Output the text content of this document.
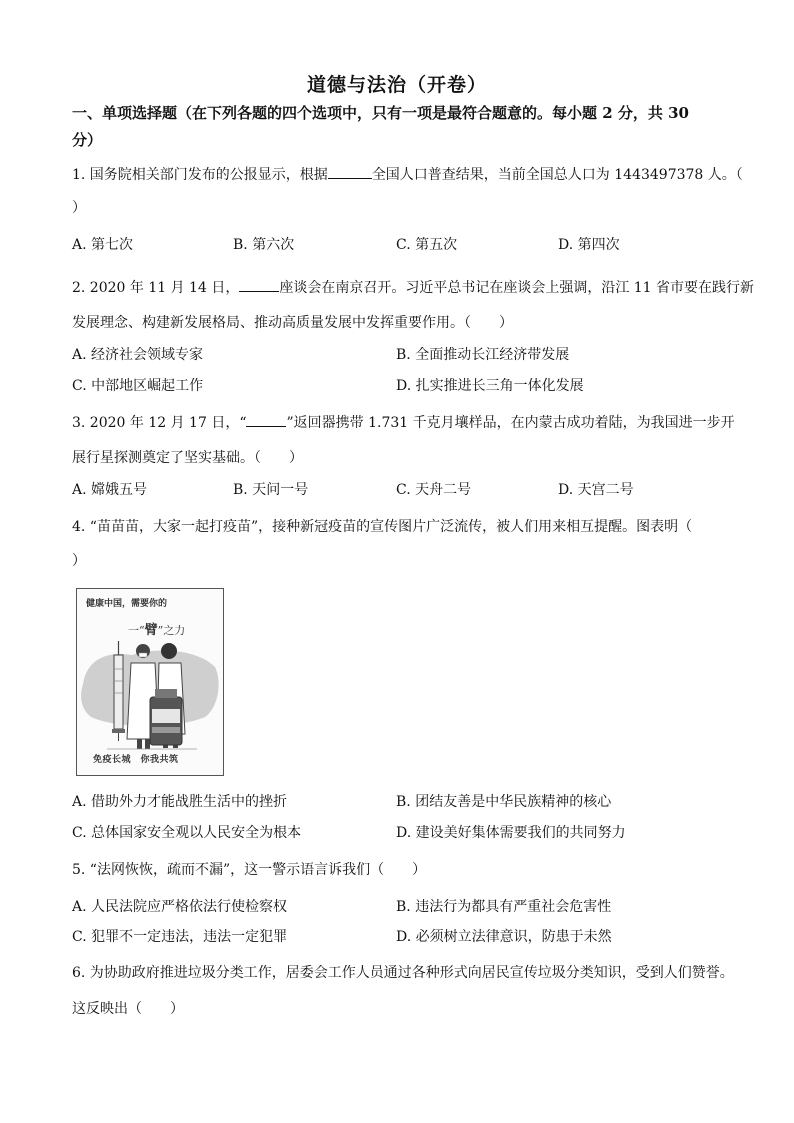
道德与法治（开卷）
一、单项选择题（在下列各题的四个选项中，只有一项是最符合题意的。每小题 2 分，共 30
分）
1. 国务院相关部门发布的公报显示，根据	全国人口普查结果，当前全国总人口为 1443497378 人。（
）
A. 第七次	B. 第六次	C. 第五次	D. 第四次
2. 2020 年 11 月 14 日，	座谈会在南京召开。习近平总书记在座谈会上强调，沿江 11 省市要在践行新
发展理念、构建新发展格局、推动高质量发展中发挥重要作用。（　　）
A. 经济社会领域专家	B. 全面推动长江经济带发展
C. 中部地区崛起工作	D. 扎实推进长三角一体化发展
3. 2020 年 12 月 17 日，“	”返回器携带 1.731 千克月壤样品，在内蒙古成功着陆，为我国进一步开
展行星探测奠定了坚实基础。（　　）
A. 嫦娥五号	B. 天问一号	C. 天舟二号	D. 天宫二号
4. “苗苗苗，大家一起打疫苗”，接种新冠疫苗的宣传图片广泛流传，被人们用来相互提醒。图表明（
）
健康中国，需要你的
一“臂”之力
免疫长城　你我共筑
A. 借助外力才能战胜生活中的挫折	B. 团结友善是中华民族精神的核心
C. 总体国家安全观以人民安全为根本	D. 建设美好集体需要我们的共同努力
5. “法网恢恢，疏而不漏”，这一警示语言诉我们（　　）
A. 人民法院应严格依法行使检察权	B. 违法行为都具有严重社会危害性
C. 犯罪不一定违法，违法一定犯罪	D. 必须树立法律意识，防患于未然
6. 为协助政府推进垃圾分类工作，居委会工作人员通过各种形式向居民宣传垃圾分类知识，受到人们赞誉。
这反映出（　　）
